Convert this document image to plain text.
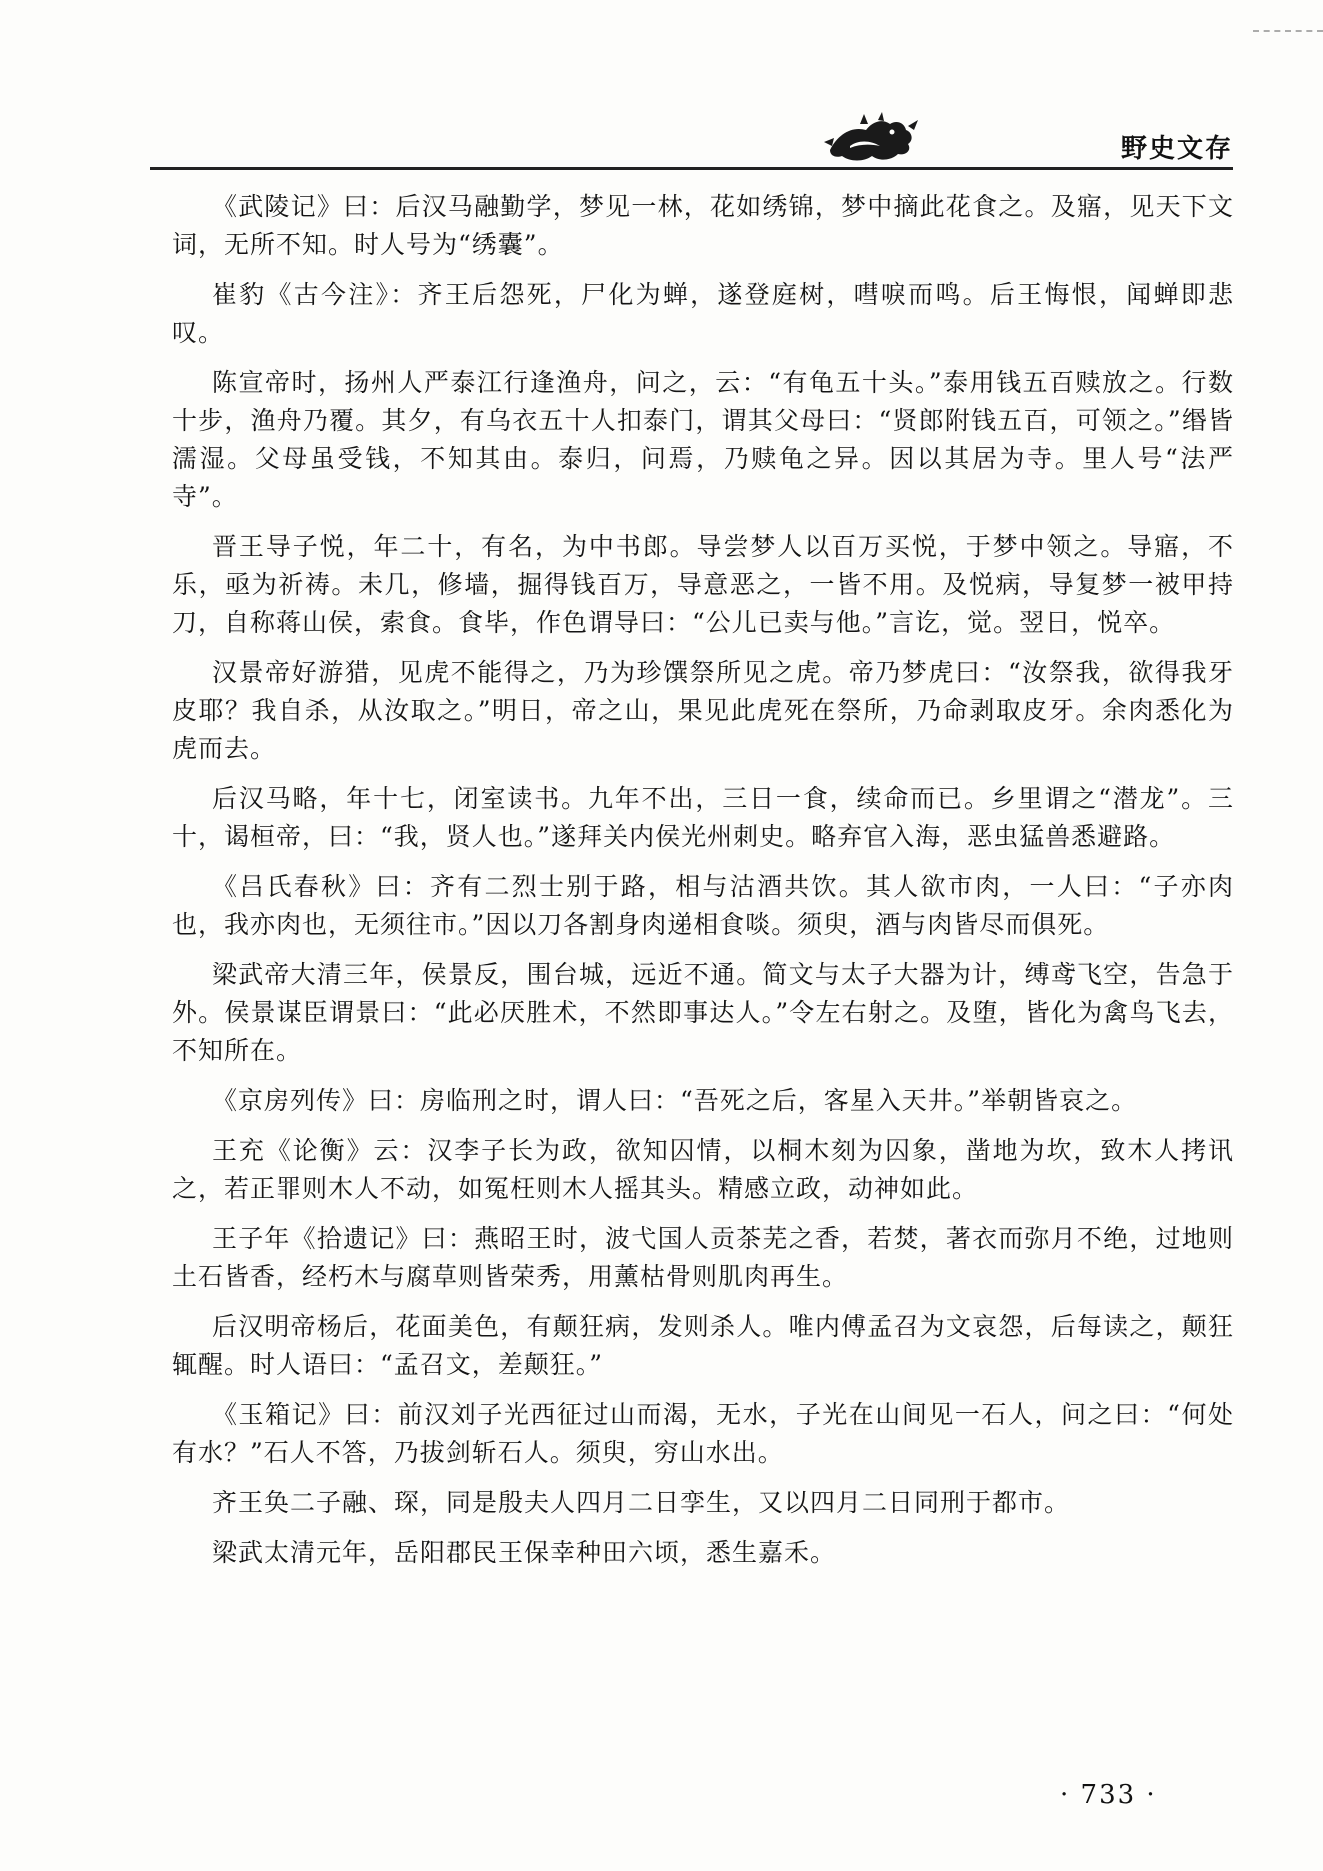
野史文存

《武陵记》曰：后汉马融勤学，梦见一林，花如绣锦，梦中摘此花食之。及寤，见天下文词，无所不知。时人号为“绣囊”。

崔豹《古今注》：齐王后怨死，尸化为蝉，遂登庭树，嘒唳而鸣。后王悔恨，闻蝉即悲叹。

陈宣帝时，扬州人严泰江行逢渔舟，问之，云：“有龟五十头。”泰用钱五百赎放之。行数十步，渔舟乃覆。其夕，有乌衣五十人扣泰门，谓其父母曰：“贤郎附钱五百，可领之。”缗皆濡湿。父母虽受钱，不知其由。泰归，问焉，乃赎龟之异。因以其居为寺。里人号“法严寺”。

晋王导子悦，年二十，有名，为中书郎。导尝梦人以百万买悦，于梦中领之。导寤，不乐，亟为祈祷。未几，修墙，掘得钱百万，导意恶之，一皆不用。及悦病，导复梦一被甲持刀，自称蒋山侯，索食。食毕，作色谓导曰：“公儿已卖与他。”言讫，觉。翌日，悦卒。

汉景帝好游猎，见虎不能得之，乃为珍馔祭所见之虎。帝乃梦虎曰：“汝祭我，欲得我牙皮耶？我自杀，从汝取之。”明日，帝之山，果见此虎死在祭所，乃命剥取皮牙。余肉悉化为虎而去。

后汉马略，年十七，闭室读书。九年不出，三日一食，续命而已。乡里谓之“潜龙”。三十，谒桓帝，曰：“我，贤人也。”遂拜关内侯光州刺史。略弃官入海，恶虫猛兽悉避路。

《吕氏春秋》曰：齐有二烈士别于路，相与沽酒共饮。其人欲市肉，一人曰：“子亦肉也，我亦肉也，无须往市。”因以刀各割身肉递相食啖。须臾，酒与肉皆尽而俱死。

梁武帝大清三年，侯景反，围台城，远近不通。简文与太子大器为计，缚鸢飞空，告急于外。侯景谋臣谓景曰：“此必厌胜术，不然即事达人。”令左右射之。及堕，皆化为禽鸟飞去，不知所在。

《京房列传》曰：房临刑之时，谓人曰：“吾死之后，客星入天井。”举朝皆哀之。

王充《论衡》云：汉李子长为政，欲知囚情，以桐木刻为囚象，凿地为坎，致木人拷讯之，若正罪则木人不动，如冤枉则木人摇其头。精感立政，动神如此。

王子年《拾遗记》曰：燕昭王时，波弋国人贡茶芜之香，若焚，著衣而弥月不绝，过地则土石皆香，经朽木与腐草则皆荣秀，用薰枯骨则肌肉再生。

后汉明帝杨后，花面美色，有颠狂病，发则杀人。唯内傅孟召为文哀怨，后每读之，颠狂辄醒。时人语曰：“孟召文，差颠狂。”

《玉箱记》曰：前汉刘子光西征过山而渴，无水，子光在山间见一石人，问之曰：“何处有水？”石人不答，乃拔剑斩石人。须臾，穷山水出。

齐王奂二子融、琛，同是殷夫人四月二日孪生，又以四月二日同刑于都市。

梁武太清元年，岳阳郡民王保幸种田六顷，悉生嘉禾。

· 733 ·
